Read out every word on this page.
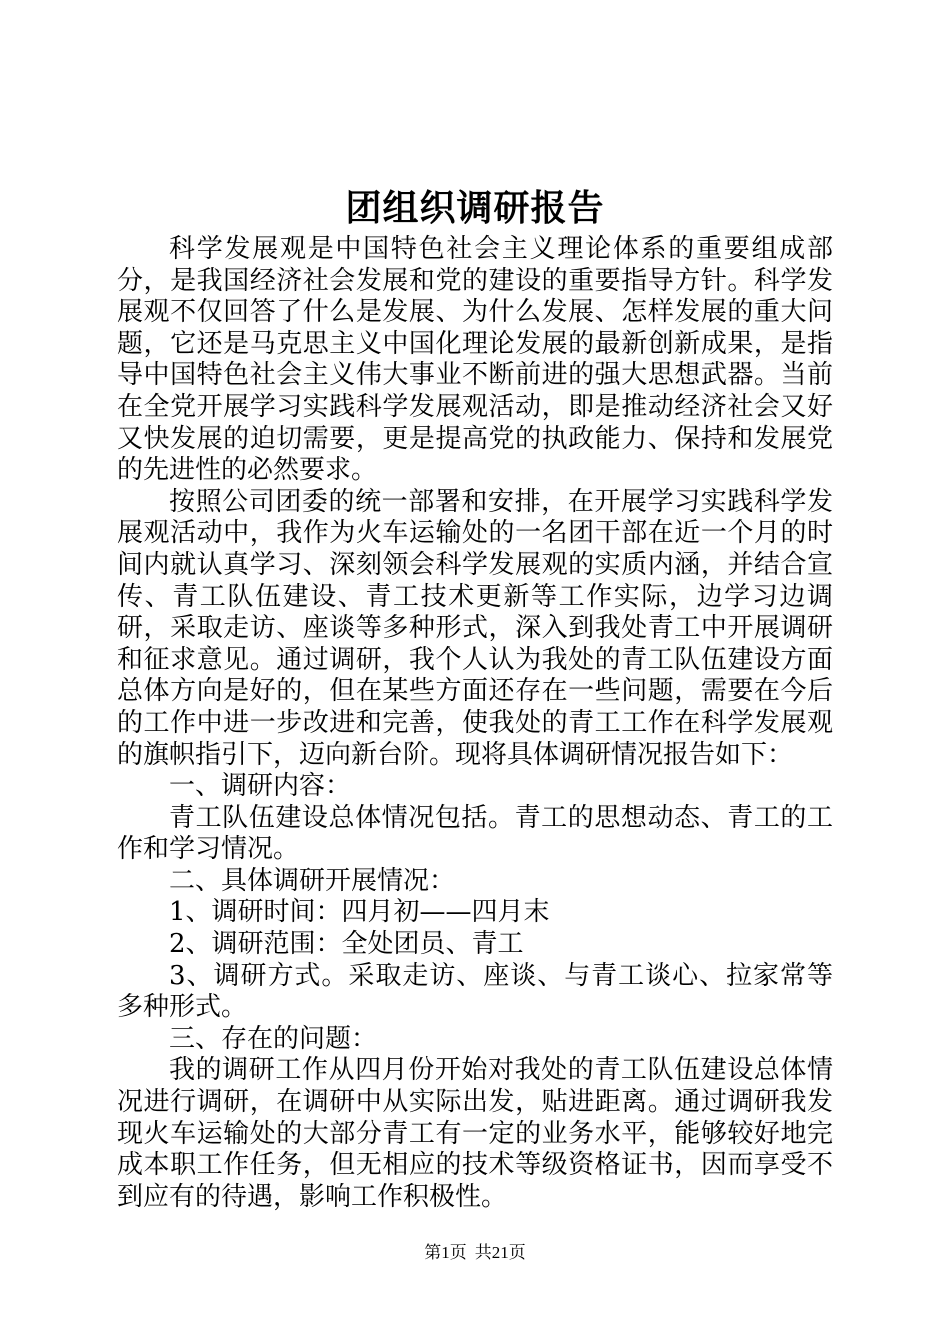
团组织调研报告

科学发展观是中国特色社会主义理论体系的重要组成部分，是我国经济社会发展和党的建设的重要指导方针。科学发展观不仅回答了什么是发展、为什么发展、怎样发展的重大问题，它还是马克思主义中国化理论发展的最新创新成果，是指导中国特色社会主义伟大事业不断前进的强大思想武器。当前在全党开展学习实践科学发展观活动，即是推动经济社会又好又快发展的迫切需要，更是提高党的执政能力、保持和发展党的先进性的必然要求。

按照公司团委的统一部署和安排，在开展学习实践科学发展观活动中，我作为火车运输处的一名团干部在近一个月的时间内就认真学习、深刻领会科学发展观的实质内涵，并结合宣传、青工队伍建设、青工技术更新等工作实际，边学习边调研，采取走访、座谈等多种形式，深入到我处青工中开展调研和征求意见。通过调研，我个人认为我处的青工队伍建设方面总体方向是好的，但在某些方面还存在一些问题，需要在今后的工作中进一步改进和完善，使我处的青工工作在科学发展观的旗帜指引下，迈向新台阶。现将具体调研情况报告如下：

一、调研内容：

青工队伍建设总体情况包括。青工的思想动态、青工的工作和学习情况。

二、具体调研开展情况：

1、调研时间：四月初——四月末

2、调研范围：全处团员、青工

3、调研方式。采取走访、座谈、与青工谈心、拉家常等多种形式。

三、存在的问题：

我的调研工作从四月份开始对我处的青工队伍建设总体情况进行调研，在调研中从实际出发，贴进距离。通过调研我发现火车运输处的大部分青工有一定的业务水平，能够较好地完成本职工作任务，但无相应的技术等级资格证书，因而享受不到应有的待遇，影响工作积极性。

第1页 共21页
